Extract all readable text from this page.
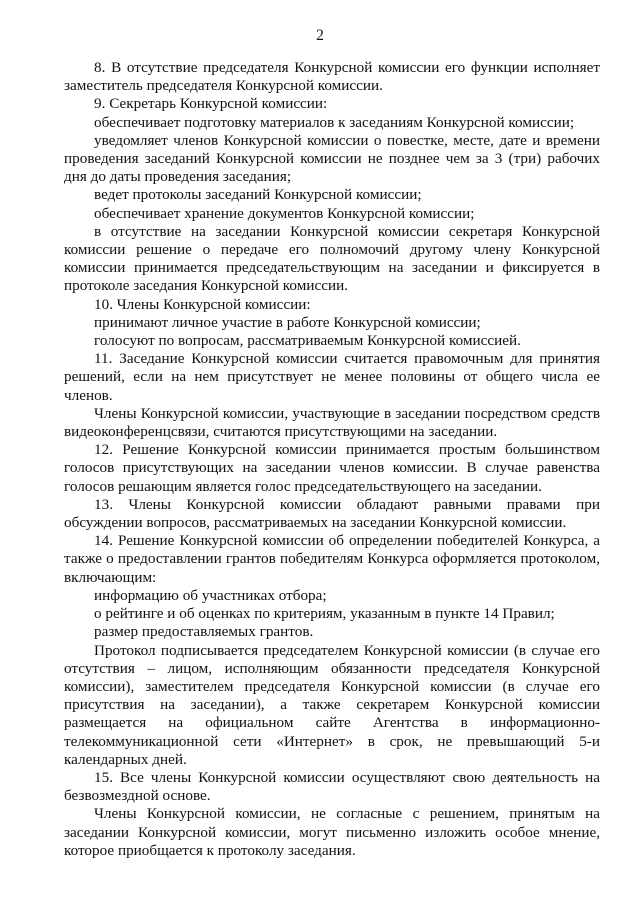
2

8. В отсутствие председателя Конкурсной комиссии его функции исполняет заместитель председателя Конкурсной комиссии.

9. Секретарь Конкурсной комиссии:

обеспечивает подготовку материалов к заседаниям Конкурсной комиссии;

уведомляет членов Конкурсной комиссии о повестке, месте, дате и времени проведения заседаний Конкурсной комиссии не позднее чем за 3 (три) рабочих дня до даты проведения заседания;

ведет протоколы заседаний Конкурсной комиссии;

обеспечивает хранение документов Конкурсной комиссии;

в отсутствие на заседании Конкурсной комиссии секретаря Конкурсной комиссии решение о передаче его полномочий другому члену Конкурсной комиссии принимается председательствующим на заседании и фиксируется в протоколе заседания Конкурсной комиссии.

10. Члены Конкурсной комиссии:

принимают личное участие в работе Конкурсной комиссии;

голосуют по вопросам, рассматриваемым Конкурсной комиссией.

11. Заседание Конкурсной комиссии считается правомочным для принятия решений, если на нем присутствует не менее половины от общего числа ее членов.

Члены Конкурсной комиссии, участвующие в заседании посредством средств видеоконференцсвязи, считаются присутствующими на заседании.

12. Решение Конкурсной комиссии принимается простым большинством голосов присутствующих на заседании членов комиссии. В случае равенства голосов решающим является голос председательствующего на заседании.

13. Члены Конкурсной комиссии обладают равными правами при обсуждении вопросов, рассматриваемых на заседании Конкурсной комиссии.

14. Решение Конкурсной комиссии об определении победителей Конкурса, а также о предоставлении грантов победителям Конкурса оформляется протоколом, включающим:

информацию об участниках отбора;

о рейтинге и об оценках по критериям, указанным в пункте 14 Правил;

размер предоставляемых грантов.

Протокол подписывается председателем Конкурсной комиссии (в случае его отсутствия – лицом, исполняющим обязанности председателя Конкурсной комиссии), заместителем председателя Конкурсной комиссии (в случае его присутствия на заседании), а также секретарем Конкурсной комиссии размещается на официальном сайте Агентства в информационно-телекоммуникационной сети «Интернет» в срок, не превышающий 5-и календарных дней.

15. Все члены Конкурсной комиссии осуществляют свою деятельность на безвозмездной основе.

Члены Конкурсной комиссии, не согласные с решением, принятым на заседании Конкурсной комиссии, могут письменно изложить особое мнение, которое приобщается к протоколу заседания.
